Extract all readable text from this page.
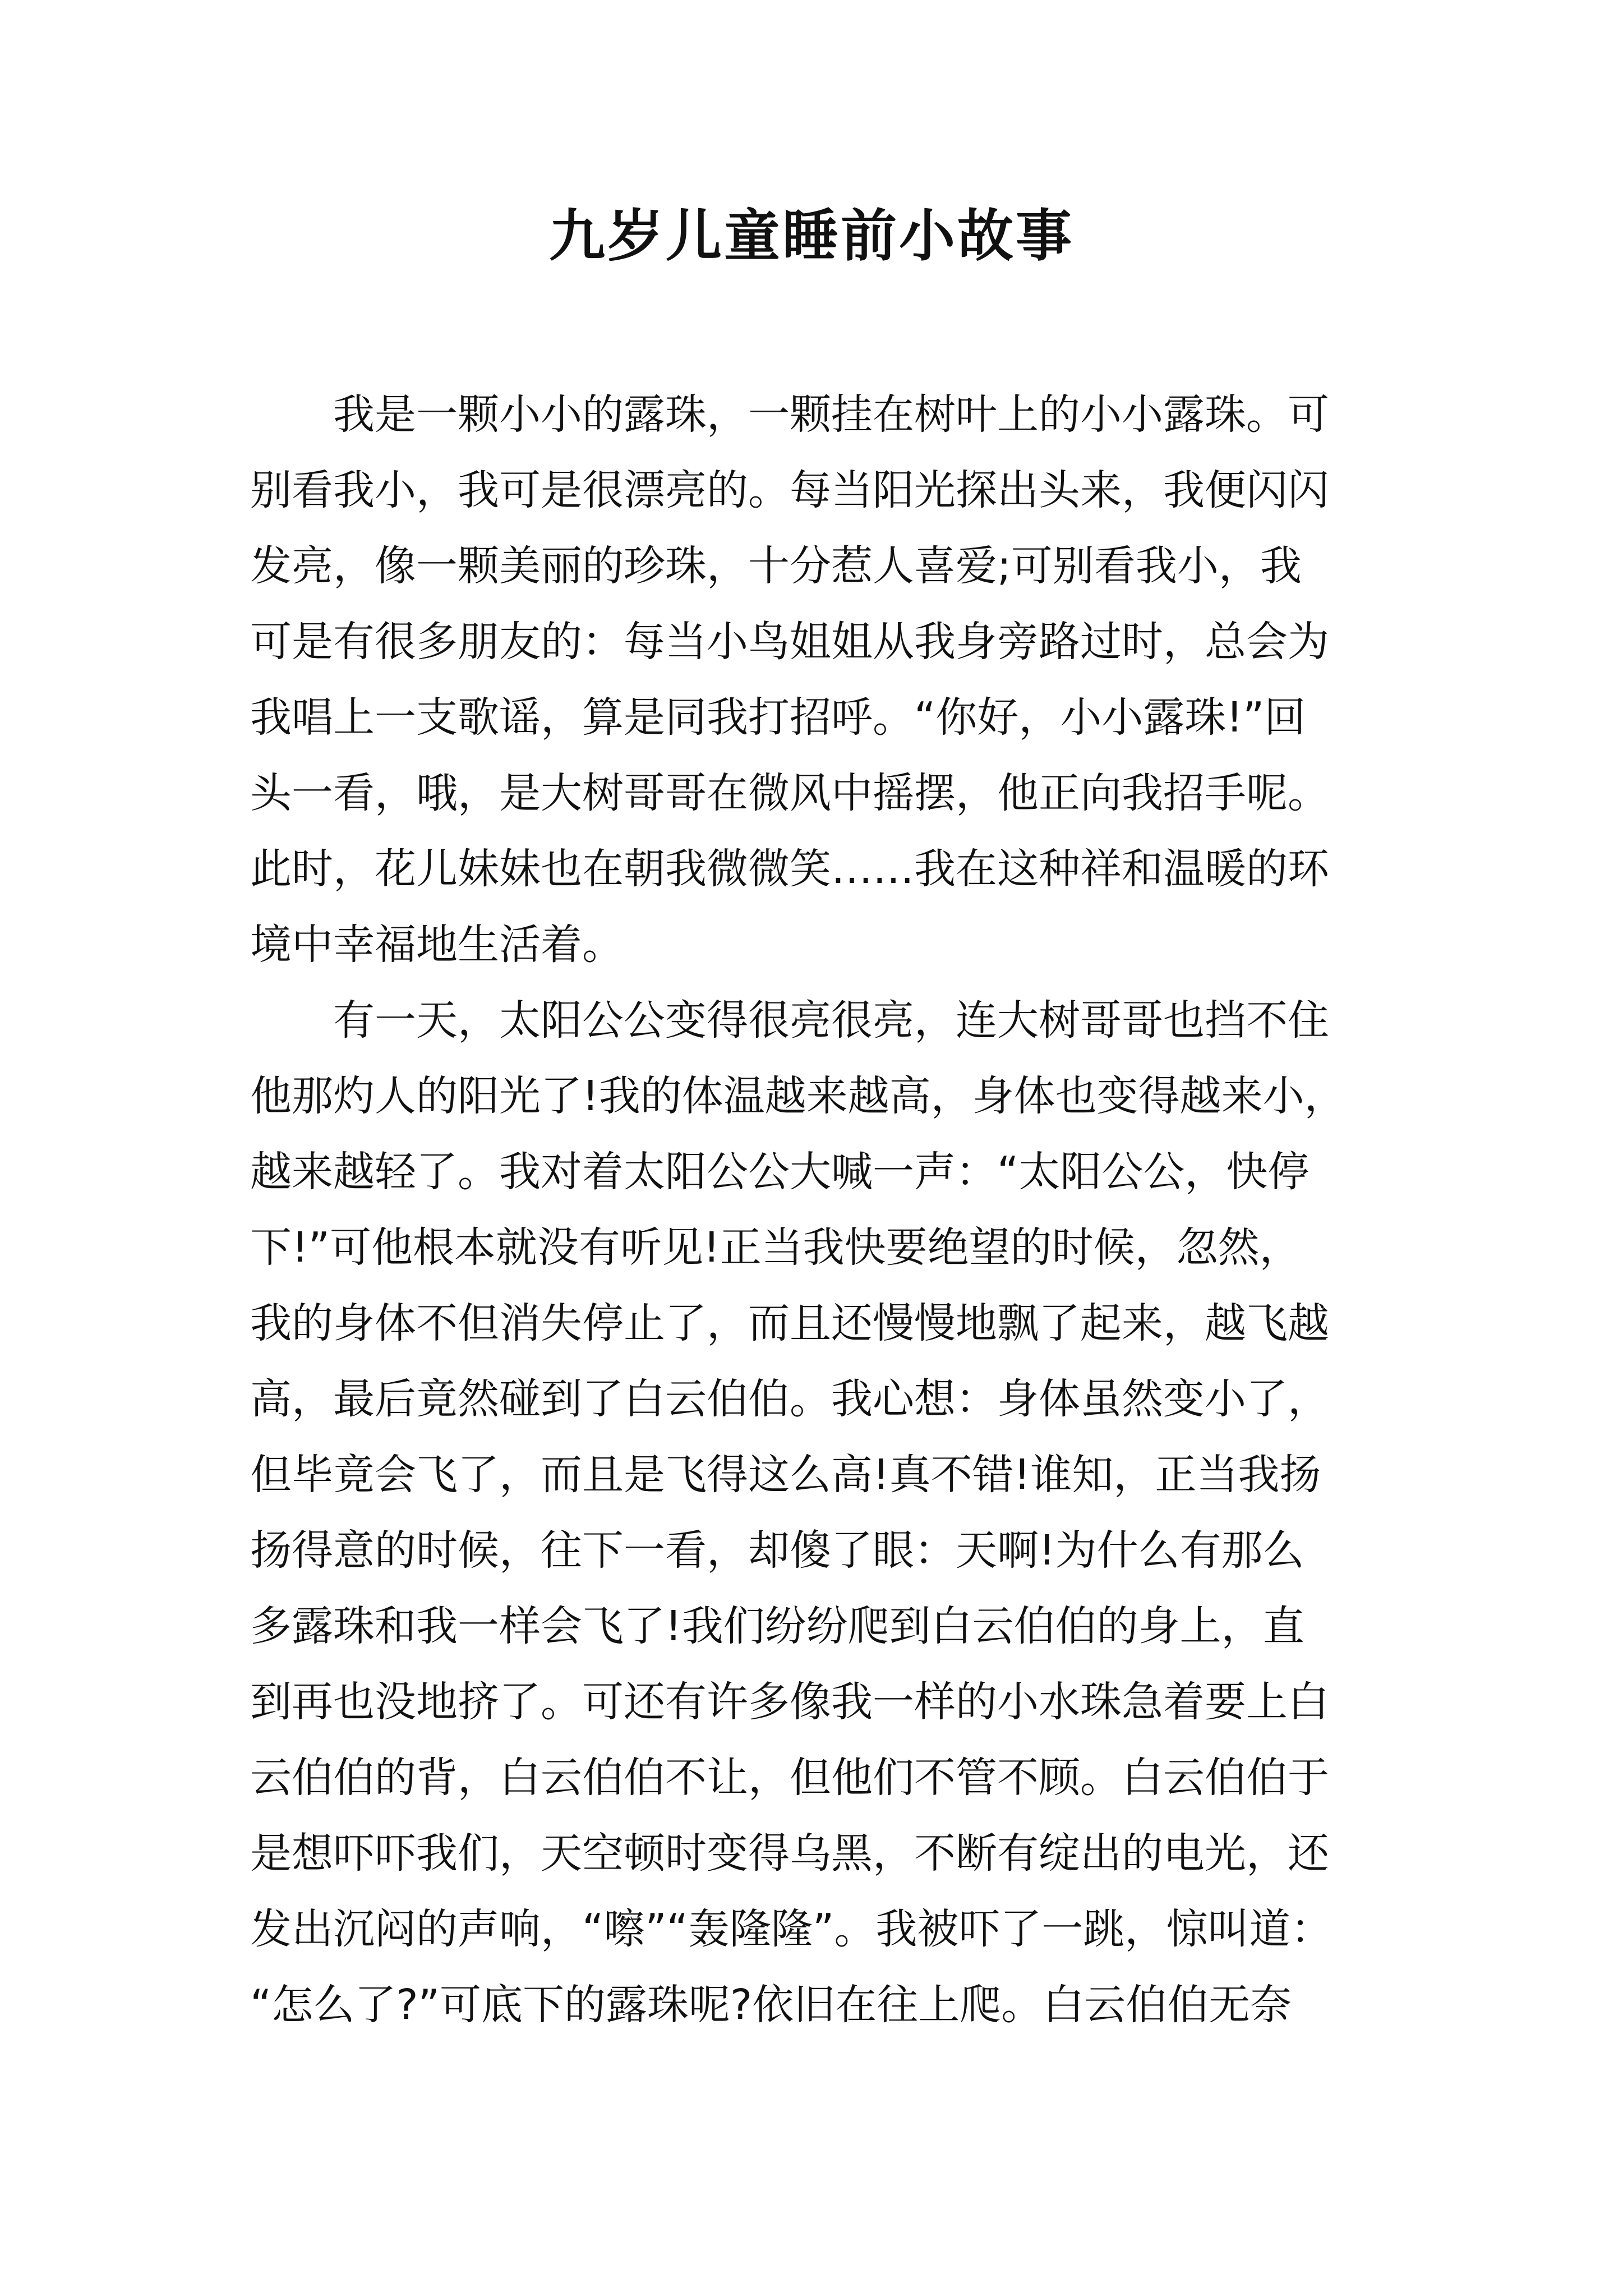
九岁儿童睡前小故事
我是一颗小小的露珠，一颗挂在树叶上的小小露珠。可
别看我小，我可是很漂亮的。每当阳光探出头来，我便闪闪
发亮，像一颗美丽的珍珠，十分惹人喜爱;可别看我小，我
可是有很多朋友的：每当小鸟姐姐从我身旁路过时，总会为
我唱上一支歌谣，算是同我打招呼。“你好，小小露珠!”回
头一看，哦，是大树哥哥在微风中摇摆，他正向我招手呢。
此时，花儿妹妹也在朝我微微笑……我在这种祥和温暖的环
境中幸福地生活着。
有一天，太阳公公变得很亮很亮，连大树哥哥也挡不住
他那灼人的阳光了!我的体温越来越高，身体也变得越来小，
越来越轻了。我对着太阳公公大喊一声：“太阳公公，快停
下!”可他根本就没有听见!正当我快要绝望的时候，忽然，
我的身体不但消失停止了，而且还慢慢地飘了起来，越飞越
高，最后竟然碰到了白云伯伯。我心想：身体虽然变小了，
但毕竟会飞了，而且是飞得这么高!真不错!谁知，正当我扬
扬得意的时候，往下一看，却傻了眼：天啊!为什么有那么
多露珠和我一样会飞了!我们纷纷爬到白云伯伯的身上，直
到再也没地挤了。可还有许多像我一样的小水珠急着要上白
云伯伯的背，白云伯伯不让，但他们不管不顾。白云伯伯于
是想吓吓我们，天空顿时变得乌黑，不断有绽出的电光，还
发出沉闷的声响，“嚓”“轰隆隆”。我被吓了一跳，惊叫道：
“怎么了?”可底下的露珠呢?依旧在往上爬。白云伯伯无奈
